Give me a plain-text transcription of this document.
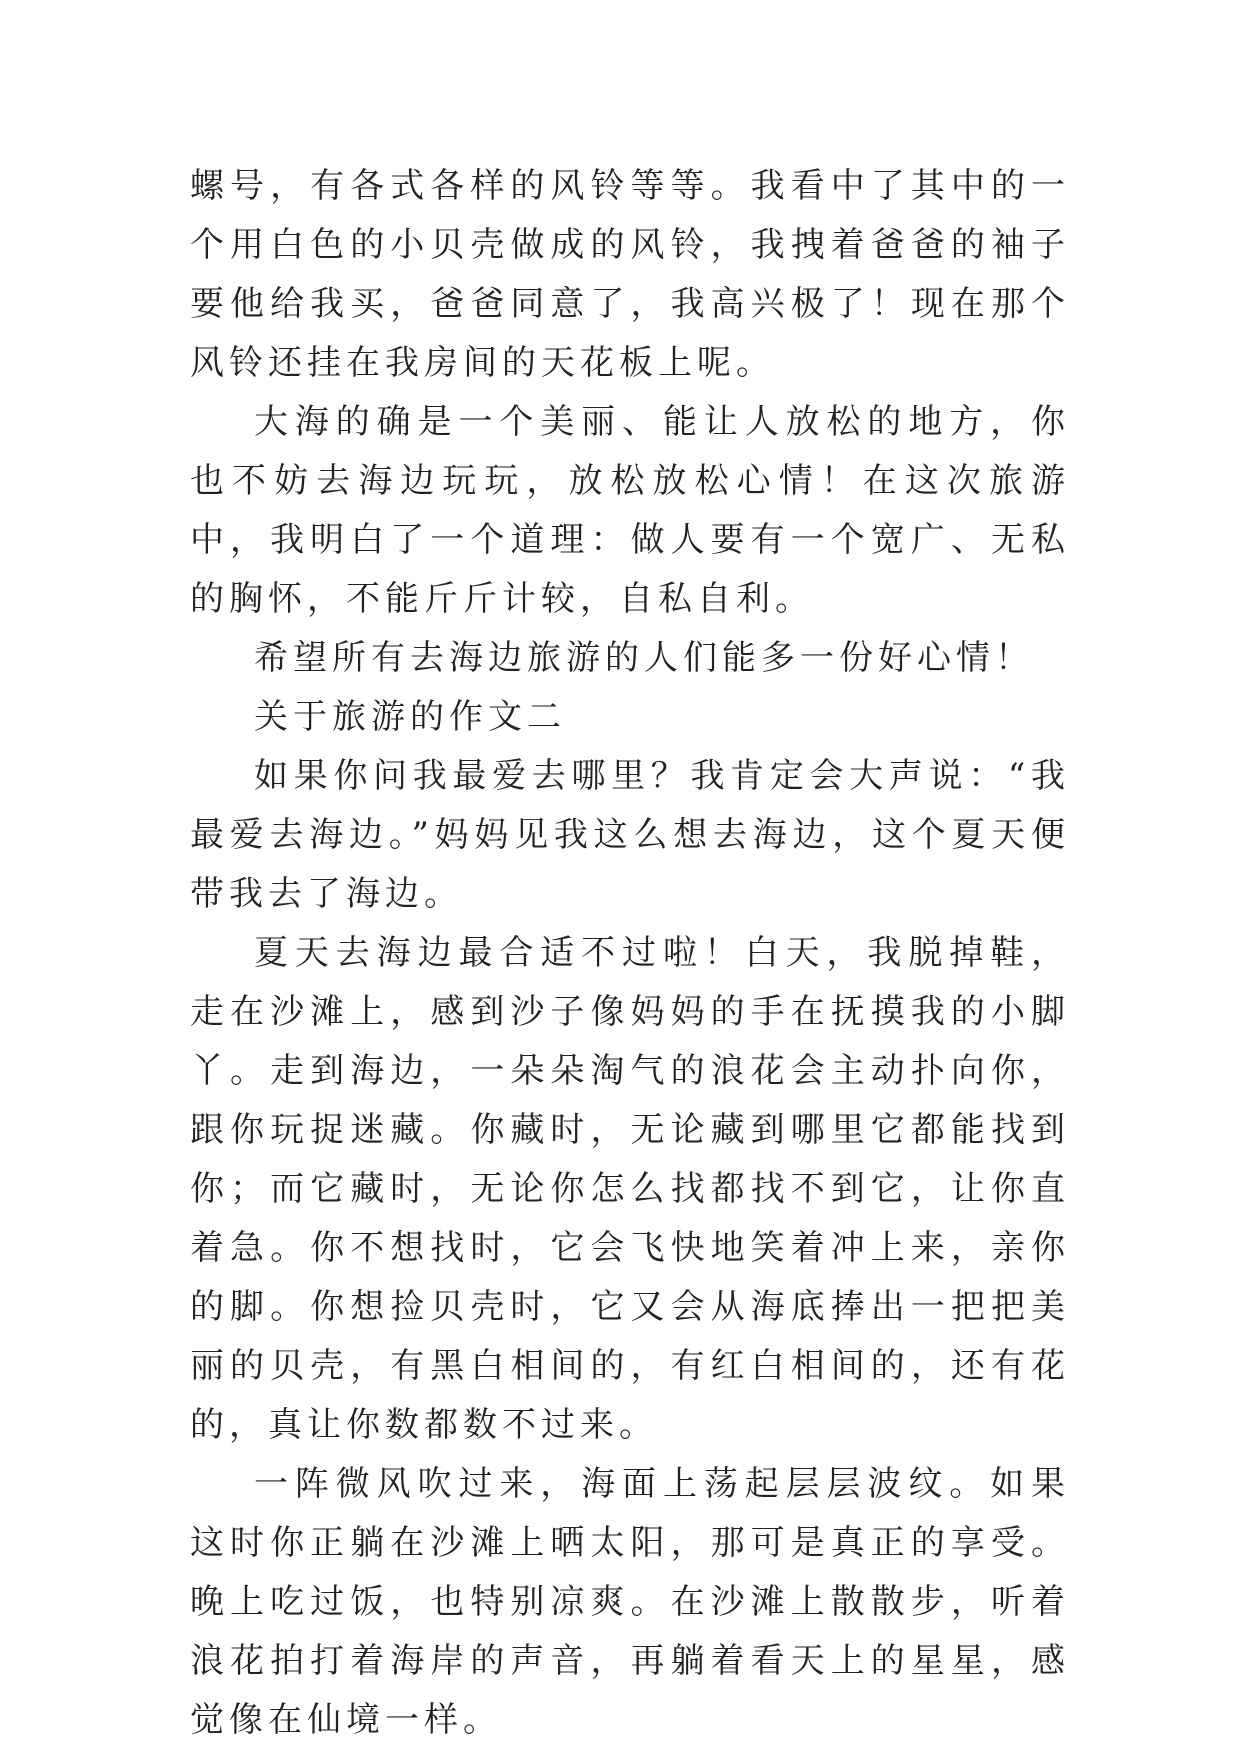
螺号，有各式各样的风铃等等。我看中了其中的一个用白色的小贝壳做成的风铃，我拽着爸爸的袖子要他给我买，爸爸同意了，我高兴极了！现在那个风铃还挂在我房间的天花板上呢。

大海的确是一个美丽、能让人放松的地方，你也不妨去海边玩玩，放松放松心情！在这次旅游中，我明白了一个道理：做人要有一个宽广、无私的胸怀，不能斤斤计较，自私自利。

希望所有去海边旅游的人们能多一份好心情！

关于旅游的作文二

如果你问我最爱去哪里？我肯定会大声说：“我最爱去海边。”妈妈见我这么想去海边，这个夏天便带我去了海边。

夏天去海边最合适不过啦！白天，我脱掉鞋，走在沙滩上，感到沙子像妈妈的手在抚摸我的小脚丫。走到海边，一朵朵淘气的浪花会主动扑向你，跟你玩捉迷藏。你藏时，无论藏到哪里它都能找到你；而它藏时，无论你怎么找都找不到它，让你直着急。你不想找时，它会飞快地笑着冲上来，亲你的脚。你想捡贝壳时，它又会从海底捧出一把把美丽的贝壳，有黑白相间的，有红白相间的，还有花的，真让你数都数不过来。

一阵微风吹过来，海面上荡起层层波纹。如果这时你正躺在沙滩上晒太阳，那可是真正的享受。晚上吃过饭，也特别凉爽。在沙滩上散散步，听着浪花拍打着海岸的声音，再躺着看天上的星星，感觉像在仙境一样。
